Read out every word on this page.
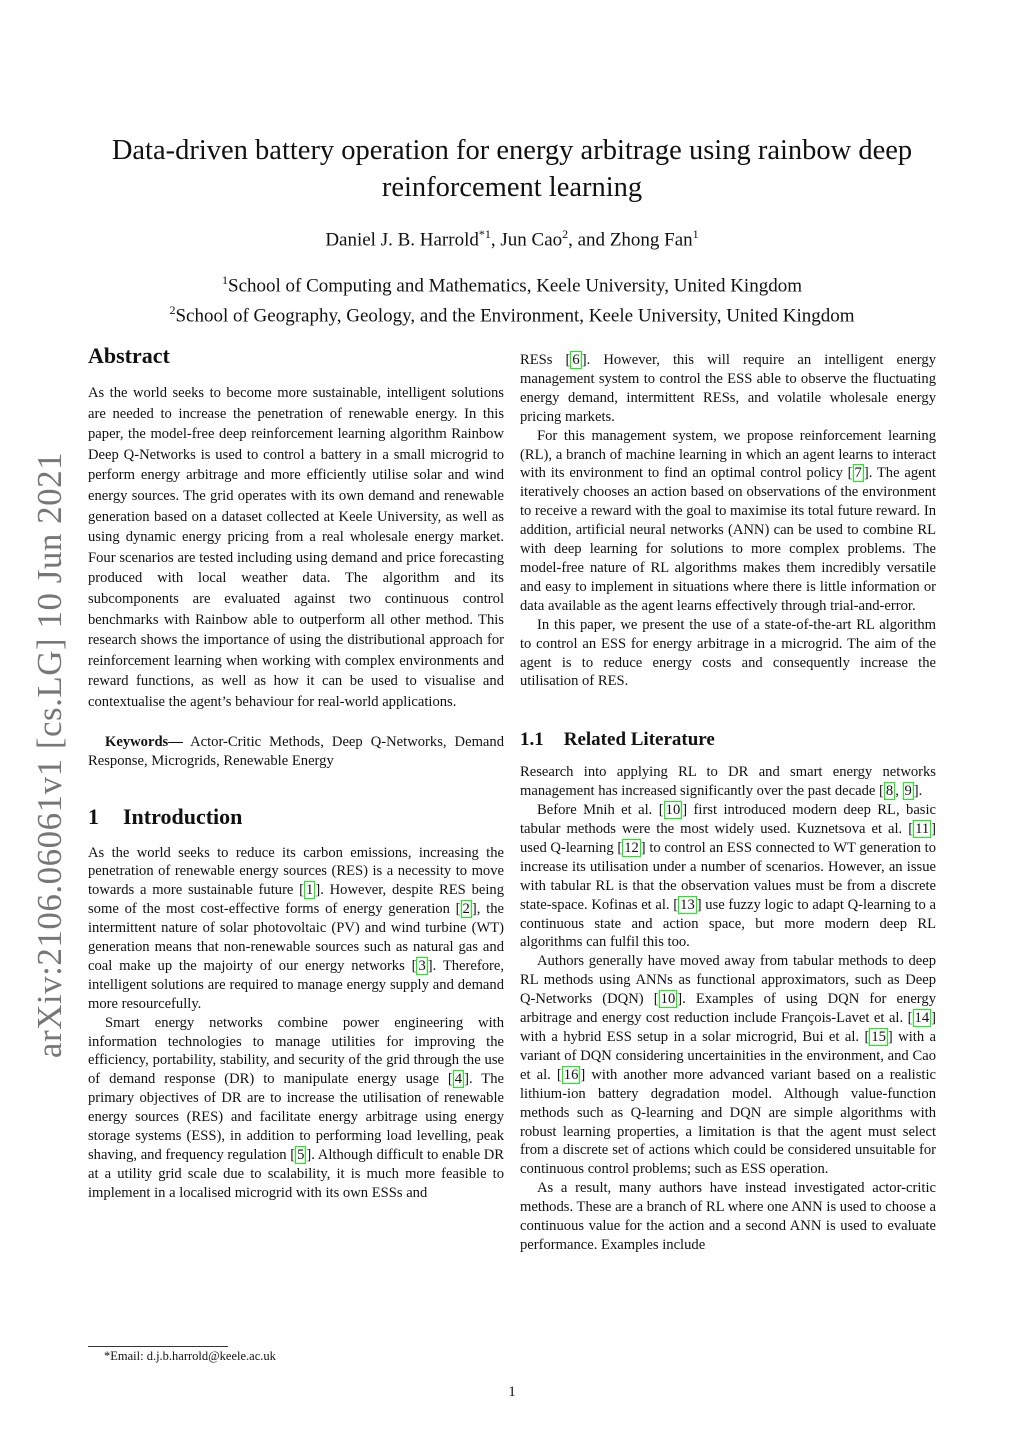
arXiv:2106.06061v1 [cs.LG] 10 Jun 2021
Data-driven battery operation for energy arbitrage using rainbow deep reinforcement learning
Daniel J. B. Harrold$^{*1}$, Jun Cao$^2$, and Zhong Fan$^1$
$^1$School of Computing and Mathematics, Keele University, United Kingdom
$^2$School of Geography, Geology, and the Environment, Keele University, United Kingdom
Abstract

As the world seeks to become more sustainable, intelligent solutions are needed to increase the penetration of renewable energy. In this paper, the model-free deep reinforcement learning algorithm Rainbow Deep Q-Networks is used to control a battery in a small microgrid to perform energy arbitrage and more efficiently utilise solar and wind energy sources. The grid operates with its own demand and renewable generation based on a dataset collected at Keele University, as well as using dynamic energy pricing from a real wholesale energy market. Four scenarios are tested including using demand and price forecasting produced with local weather data. The algorithm and its subcomponents are evaluated against two continuous control benchmarks with Rainbow able to outperform all other method. This research shows the importance of using the distributional approach for reinforcement learning when working with complex environments and reward functions, as well as how it can be used to visualise and contextualise the agent’s behaviour for real-world applications.

Keywords— Actor-Critic Methods, Deep Q-Networks, Demand Response, Microgrids, Renewable Energy

1 Introduction

As the world seeks to reduce its carbon emissions, increasing the penetration of renewable energy sources (RES) is a necessity to move towards a more sustainable future [ 1 ]. However, despite RES being some of the most cost-effective forms of energy generation [ 2 ], the intermittent nature of solar photovoltaic (PV) and wind turbine (WT) generation means that non-renewable sources such as natural gas and coal make up the majoirty of our energy networks [ 3 ]. Therefore, intelligent solutions are required to manage energy supply and demand more resourcefully.

Smart energy networks combine power engineering with information technologies to manage utilities for improving the efficiency, portability, stability, and security of the grid through the use of demand response (DR) to manipulate energy usage [ 4 ]. The primary objectives of DR are to increase the utilisation of renewable energy sources (RES) and facilitate energy arbitrage using energy storage systems (ESS), in addition to performing load levelling, peak shaving, and frequency regulation [ 5 ]. Although difficult to enable DR at a utility grid scale due to scalability, it is much more feasible to implement in a localised microgrid with its own ESSs and

RESs [ 6 ]. However, this will require an intelligent energy management system to control the ESS able to observe the fluctuating energy demand, intermittent RESs, and volatile wholesale energy pricing markets.

For this management system, we propose reinforcement learning (RL), a branch of machine learning in which an agent learns to interact with its environment to find an optimal control policy [ 7 ]. The agent iteratively chooses an action based on observations of the environment to receive a reward with the goal to maximise its total future reward. In addition, artificial neural networks (ANN) can be used to combine RL with deep learning for solutions to more complex problems. The model-free nature of RL algorithms makes them incredibly versatile and easy to implement in situations where there is little information or data available as the agent learns effectively through trial-and-error.

In this paper, we present the use of a state-of-the-art RL algorithm to control an ESS for energy arbitrage in a microgrid. The aim of the agent is to reduce energy costs and consequently increase the utilisation of RES.

1.1 Related Literature

Research into applying RL to DR and smart energy networks management has increased significantly over the past decade [ 8 , 9 ].

Before Mnih et al. [ 10 ] first introduced modern deep RL, basic tabular methods were the most widely used. Kuznetsova et al. [ 11 ] used Q-learning [ 12 ] to control an ESS connected to WT generation to increase its utilisation under a number of scenarios. However, an issue with tabular RL is that the observation values must be from a discrete state-space. Kofinas et al. [ 13 ] use fuzzy logic to adapt Q-learning to a continuous state and action space, but more modern deep RL algorithms can fulfil this too.

Authors generally have moved away from tabular methods to deep RL methods using ANNs as functional approximators, such as Deep Q-Networks (DQN) [ 10 ]. Examples of using DQN for energy arbitrage and energy cost reduction include François-Lavet et al. [ 14 ] with a hybrid ESS setup in a solar microgrid, Bui et al. [ 15 ] with a variant of DQN considering uncertainities in the environment, and Cao et al. [ 16 ] with another more advanced variant based on a realistic lithium-ion battery degradation model. Although value-function methods such as Q-learning and DQN are simple algorithms with robust learning properties, a limitation is that the agent must select from a discrete set of actions which could be considered unsuitable for continuous control problems; such as ESS operation.

As a result, many authors have instead investigated actor-critic methods. These are a branch of RL where one ANN is used to choose a continuous value for the action and a second ANN is used to evaluate performance. Examples include

*Email: d.j.b.harrold@keele.ac.uk
1
